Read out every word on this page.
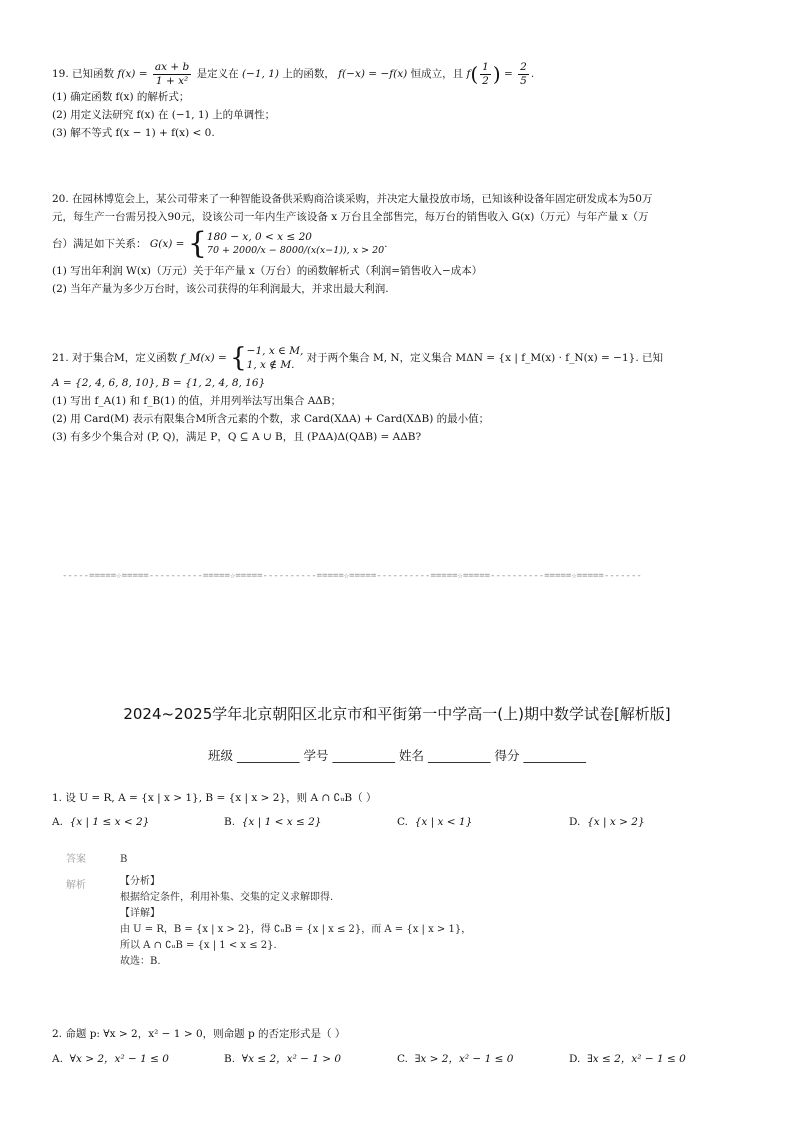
19. 已知函数 $f(x) = \frac{ax + b}{\text{1 + x²}}$ 是定义在 (−1, 1) 上的函数， f(−x) = −f(x) 恒成立，且 $f( \frac{1}{2}$ ) = $\frac{2}{5}$ .
(1) 确定函数 f(x) 的解析式；
(2) 用定义法研究 f(x) 在 (−1, 1) 上的单调性；
(3) 解不等式 f(x − 1) + f(x) < 0.
20. 在园林博览会上，某公司带来了一种智能设备供采购商洽谈采购，并决定大量投放市场，已知该种设备年固定研发成本为50万
元，每生产一台需另投入90元，设该公司一年内生产该设备 x 万台且全部售完，每万台的销售收入 G(x)（万元）与年产量 x（万
台）满足如下关系： G(x) = { 180 − x, 0 < x ≤ 20
70 + 2000/x − 8000/(x(x−1)), x > 20
.
(1) 写出年利润 W(x)（万元）关于年产量 x（万台）的函数解析式（利润=销售收入−成本）
(2) 当年产量为多少万台时，该公司获得的年利润最大，并求出最大利润.
21. 对于集合M，定义函数 f_M(x) = { −1, x ∈ M,
1, x ∉ M.
对于两个集合 M, N，定义集合 MΔN = {x | f_M(x) · f_N(x) = −1}. 已知
A = {2, 4, 6, 8, 10}, B = {1, 2, 4, 8, 16}
(1) 写出 f_A(1) 和 f_B(1) 的值，并用列举法写出集合 AΔB；
(2) 用 Card(M) 表示有限集合M所含元素的个数，求 Card(XΔA) + Card(XΔB) 的最小值；
(3) 有多少个集合对 (P, Q)，满足 P，Q ⊆ A ∪ B，且 (PΔA)Δ(QΔB) = AΔB?
-----=====☆=====----------=====☆=====----------=====☆=====----------=====☆=====----------=====☆=====-------
2024~2025学年北京朝阳区北京市和平街第一中学高一(上)期中数学试卷[解析版]
班级 __________ 学号 __________ 姓名 __________ 得分 __________
1. 设 U = R, A = {x | x > 1}, B = {x | x > 2}，则 A ∩ ∁ᵤB（ ）
A. {x | 1 ≤ x < 2}	B. {x | 1 < x ≤ 2}	C. {x | x < 1}	D. {x | x > 2}
答案	B
解析	【分析】
根据给定条件，利用补集、交集的定义求解即得.
【详解】
由 U = R，B = {x | x > 2}，得 ∁ᵤB = {x | x ≤ 2}，而 A = {x | x > 1}，
所以 A ∩ ∁ᵤB = {x | 1 < x ≤ 2}.
故选：B.
2. 命题 p: ∀x > 2，x² − 1 > 0，则命题 p 的否定形式是（ ）
A. ∀x > 2，x² − 1 ≤ 0	B. ∀x ≤ 2，x² − 1 > 0	C. ∃x > 2，x² − 1 ≤ 0	D. ∃x ≤ 2，x² − 1 ≤ 0
